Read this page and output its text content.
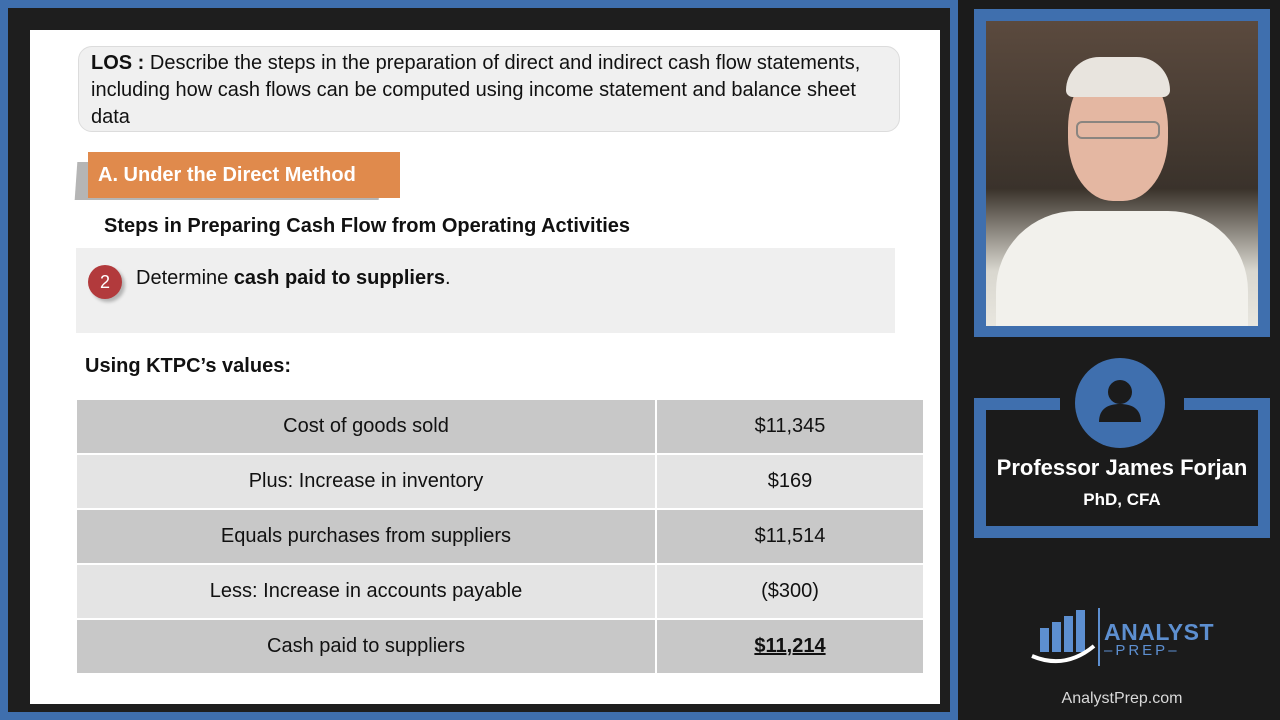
LOS : Describe the steps in the preparation of direct and indirect cash flow statements, including how cash flows can be computed using income statement and balance sheet data
A. Under the Direct Method
Steps in Preparing Cash Flow from Operating Activities
2	Determine cash paid to suppliers.
Using KTPC’s values:
Cost of goods sold	$11,345
Plus: Increase in inventory	$169
Equals purchases from suppliers	$11,514
Less: Increase in accounts payable	($300)
Cash paid to suppliers	$11,214
Professor James Forjan
PhD, CFA
ANALYST
–PREP–
AnalystPrep.com
